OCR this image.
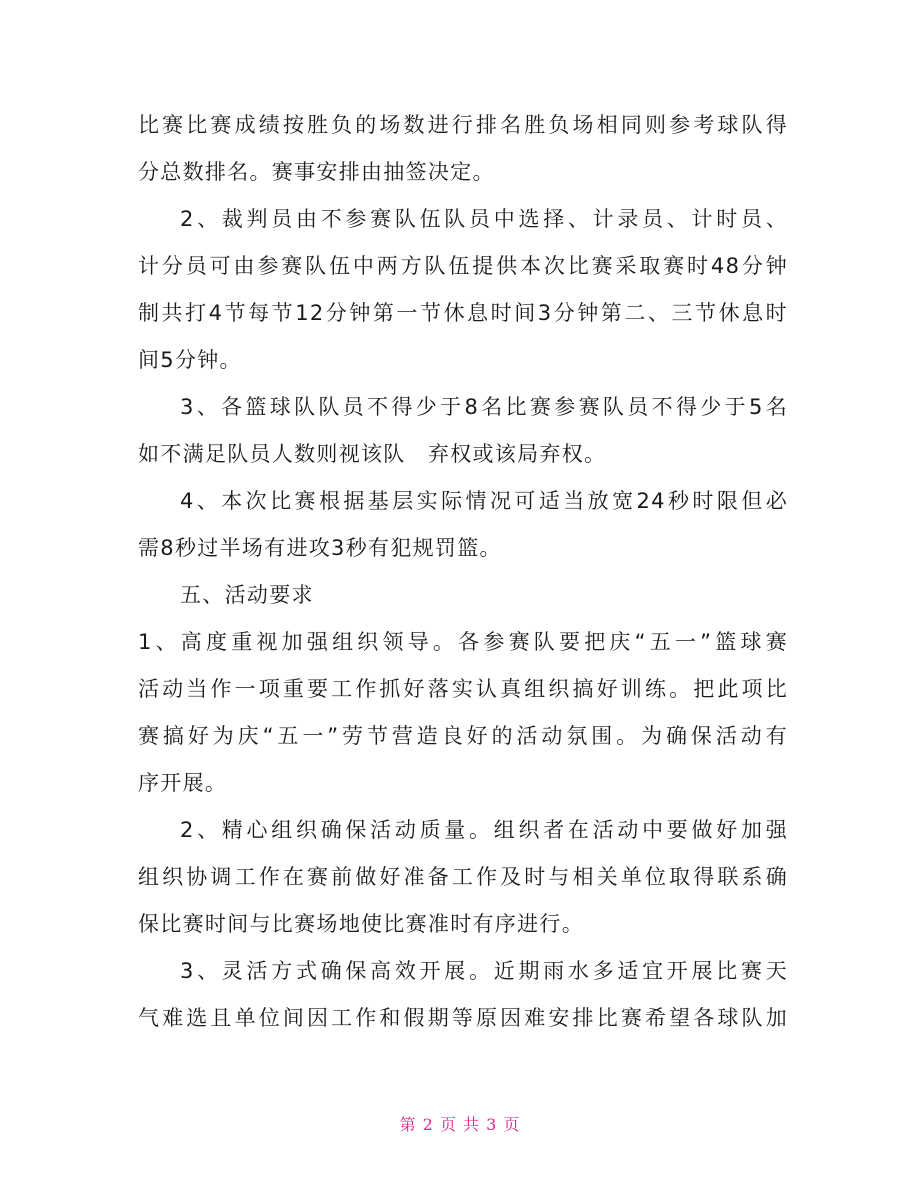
比赛比赛成绩按胜负的场数进行排名胜负场相同则参考球队得
分总数排名。赛事安排由抽签决定。
2、裁判员由不参赛队伍队员中选择、计录员、计时员、
计分员可由参赛队伍中两方队伍提供本次比赛采取赛时48分钟
制共打4节每节12分钟第一节休息时间3分钟第二、三节休息时
间5分钟。
3、各篮球队队员不得少于8名比赛参赛队员不得少于5名
如不满足队员人数则视该队　弃权或该局弃权。
4、本次比赛根据基层实际情况可适当放宽24秒时限但必
需8秒过半场有进攻3秒有犯规罚篮。
五、活动要求
1、高度重视加强组织领导。各参赛队要把庆“五一”篮球赛
活动当作一项重要工作抓好落实认真组织搞好训练。把此项比
赛搞好为庆“五一”劳节营造良好的活动氛围。为确保活动有
序开展。
2、精心组织确保活动质量。组织者在活动中要做好加强
组织协调工作在赛前做好准备工作及时与相关单位取得联系确
保比赛时间与比赛场地使比赛准时有序进行。
3、灵活方式确保高效开展。近期雨水多适宜开展比赛天
气难选且单位间因工作和假期等原因难安排比赛希望各球队加
第 2 页 共 3 页
